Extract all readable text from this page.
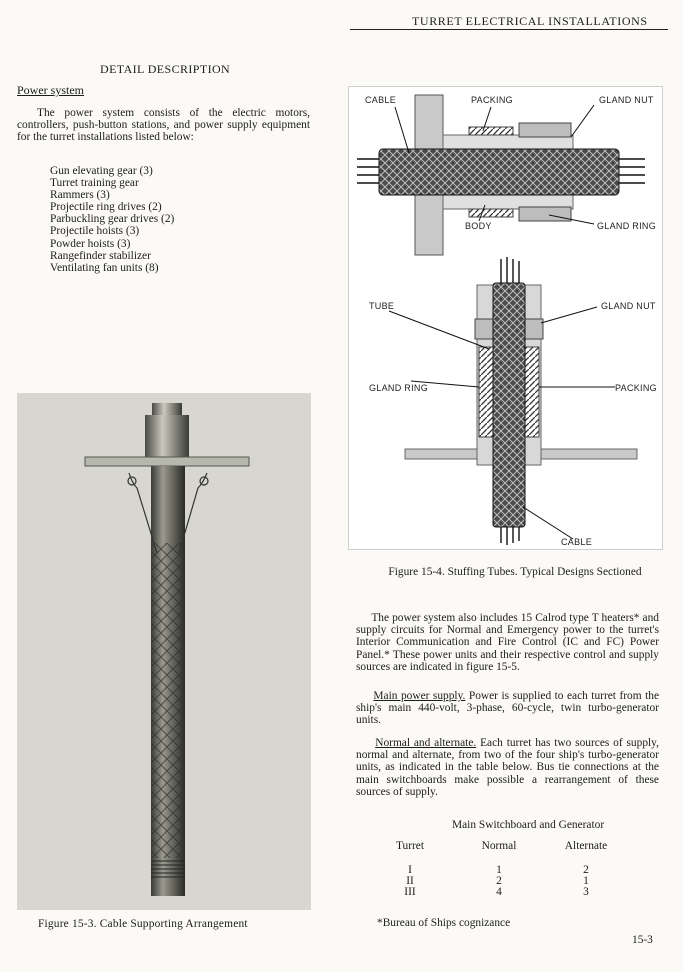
TURRET ELECTRICAL INSTALLATIONS
DETAIL DESCRIPTION
Power system
The power system consists of the electric motors, controllers, push-button stations, and power supply equipment for the turret installations listed below:
Gun elevating gear (3)
Turret training gear
Rammers (3)
Projectile ring drives (2)
Parbuckling gear drives (2)
Projectile hoists (3)
Powder hoists (3)
Rangefinder stabilizer
Ventilating fan units (8)
Figure 15-3. Cable Supporting Arrangement
CABLE	PACKING	GLAND NUT
BODY	GLAND RING
TUBE	GLAND NUT
GLAND RING	PACKING
CABLE
Figure 15-4. Stuffing Tubes. Typical Designs Sectioned
The power system also includes 15 Calrod type T heaters* and supply circuits for Normal and Emergency power to the turret's Interior Communication and Fire Control (IC and FC) Power Panel.* These power units and their respective control and supply sources are indicated in figure 15-5.
Main power supply. Power is supplied to each turret from the ship's main 440-volt, 3-phase, 60-cycle, twin turbo-generator units.
Normal and alternate. Each turret has two sources of supply, normal and alternate, from two of the four ship's turbo-generator units, as indicated in the table below. Bus tie connections at the main switchboards make possible a rearrangement of these sources of supply.
Main Switchboard and Generator
Turret	Normal	Alternate
I	1	2
II	2	1
III	4	3
*Bureau of Ships cognizance
15-3
